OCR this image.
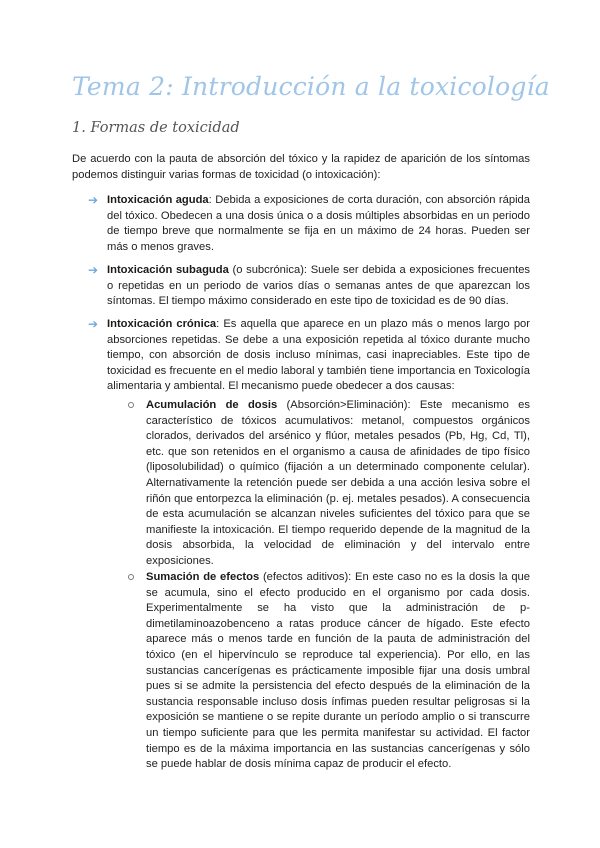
Tema 2: Introducción a la toxicología
1. Formas de toxicidad

De acuerdo con la pauta de absorción del tóxico y la rapidez de aparición de los síntomas podemos distinguir varias formas de toxicidad (o intoxicación):

➔ Intoxicación aguda: Debida a exposiciones de corta duración, con absorción rápida del tóxico. Obedecen a una dosis única o a dosis múltiples absorbidas en un periodo de tiempo breve que normalmente se fija en un máximo de 24 horas. Pueden ser más o menos graves.

➔ Intoxicación subaguda (o subcrónica): Suele ser debida a exposiciones frecuentes o repetidas en un periodo de varios días o semanas antes de que aparezcan los síntomas. El tiempo máximo considerado en este tipo de toxicidad es de 90 días.

➔ Intoxicación crónica: Es aquella que aparece en un plazo más o menos largo por absorciones repetidas. Se debe a una exposición repetida al tóxico durante mucho tiempo, con absorción de dosis incluso mínimas, casi inapreciables. Este tipo de toxicidad es frecuente en el medio laboral y también tiene importancia en Toxicología alimentaria y ambiental. El mecanismo puede obedecer a dos causas:

Acumulación de dosis (Absorción>Eliminación): Este mecanismo es característico de tóxicos acumulativos: metanol, compuestos orgánicos clorados, derivados del arsénico y flúor, metales pesados (Pb, Hg, Cd, Tl), etc. que son retenidos en el organismo a causa de afinidades de tipo físico (liposolubilidad) o químico (fijación a un determinado componente celular). Alternativamente la retención puede ser debida a una acción lesiva sobre el riñón que entorpezca la eliminación (p. ej. metales pesados). A consecuencia de esta acumulación se alcanzan niveles suficientes del tóxico para que se manifieste la intoxicación. El tiempo requerido depende de la magnitud de la dosis absorbida, la velocidad de eliminación y del intervalo entre exposiciones.

Sumación de efectos (efectos aditivos): En este caso no es la dosis la que se acumula, sino el efecto producido en el organismo por cada dosis. Experimentalmente se ha visto que la administración de p-dimetilaminoazobenceno a ratas produce cáncer de hígado. Este efecto aparece más o menos tarde en función de la pauta de administración del tóxico (en el hipervínculo se reproduce tal experiencia). Por ello, en las sustancias cancerígenas es prácticamente imposible fijar una dosis umbral pues si se admite la persistencia del efecto después de la eliminación de la sustancia responsable incluso dosis ínfimas pueden resultar peligrosas si la exposición se mantiene o se repite durante un período amplio o si transcurre un tiempo suficiente para que les permita manifestar su actividad. El factor tiempo es de la máxima importancia en las sustancias cancerígenas y sólo se puede hablar de dosis mínima capaz de producir el efecto.
